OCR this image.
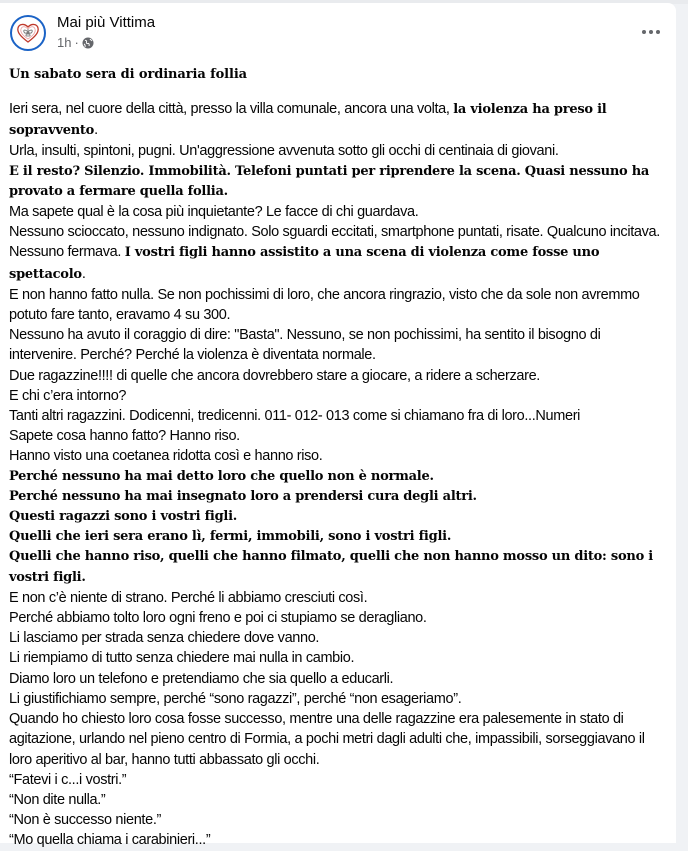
Mai più Vittima
1h ·
Un sabato sera di ordinaria follia

Ieri sera, nel cuore della città, presso la villa comunale, ancora una volta, la violenza ha preso il sopravvento.

Urla, insulti, spintoni, pugni. Un'aggressione avvenuta sotto gli occhi di centinaia di giovani.

E il resto? Silenzio. Immobilità. Telefoni puntati per riprendere la scena. Quasi nessuno ha provato a fermare quella follia.

Ma sapete qual è la cosa più inquietante? Le facce di chi guardava.

Nessuno scioccato, nessuno indignato. Solo sguardi eccitati, smartphone puntati, risate. Qualcuno incitava. Nessuno fermava. I vostri figli hanno assistito a una scena di violenza come fosse uno spettacolo.

E non hanno fatto nulla. Se non pochissimi di loro, che ancora ringrazio, visto che da sole non avremmo potuto fare tanto, eravamo 4 su 300.

Nessuno ha avuto il coraggio di dire: "Basta". Nessuno, se non pochissimi, ha sentito il bisogno di intervenire. Perché? Perché la violenza è diventata normale.

Due ragazzine!!!! di quelle che ancora dovrebbero stare a giocare, a ridere a scherzare.

E chi c’era intorno?

Tanti altri ragazzini. Dodicenni, tredicenni. 011- 012- 013 come si chiamano fra di loro...Numeri

Sapete cosa hanno fatto? Hanno riso.

Hanno visto una coetanea ridotta così e hanno riso.

Perché nessuno ha mai detto loro che quello non è normale.

Perché nessuno ha mai insegnato loro a prendersi cura degli altri.

Questi ragazzi sono i vostri figli.

Quelli che ieri sera erano lì, fermi, immobili, sono i vostri figli.

Quelli che hanno riso, quelli che hanno filmato, quelli che non hanno mosso un dito: sono i vostri figli.

E non c’è niente di strano. Perché li abbiamo cresciuti così.

Perché abbiamo tolto loro ogni freno e poi ci stupiamo se deragliano.

Li lasciamo per strada senza chiedere dove vanno.

Li riempiamo di tutto senza chiedere mai nulla in cambio.

Diamo loro un telefono e pretendiamo che sia quello a educarli.

Li giustifichiamo sempre, perché “sono ragazzi”, perché “non esageriamo”.

Quando ho chiesto loro cosa fosse successo, mentre una delle ragazzine era palesemente in stato di agitazione, urlando nel pieno centro di Formia, a pochi metri dagli adulti che, impassibili, sorseggiavano il loro aperitivo al bar, hanno tutti abbassato gli occhi.

“Fatevi i c...i vostri.”

“Non dite nulla.”

“Non è successo niente.”

“Mo quella chiama i carabinieri...”
